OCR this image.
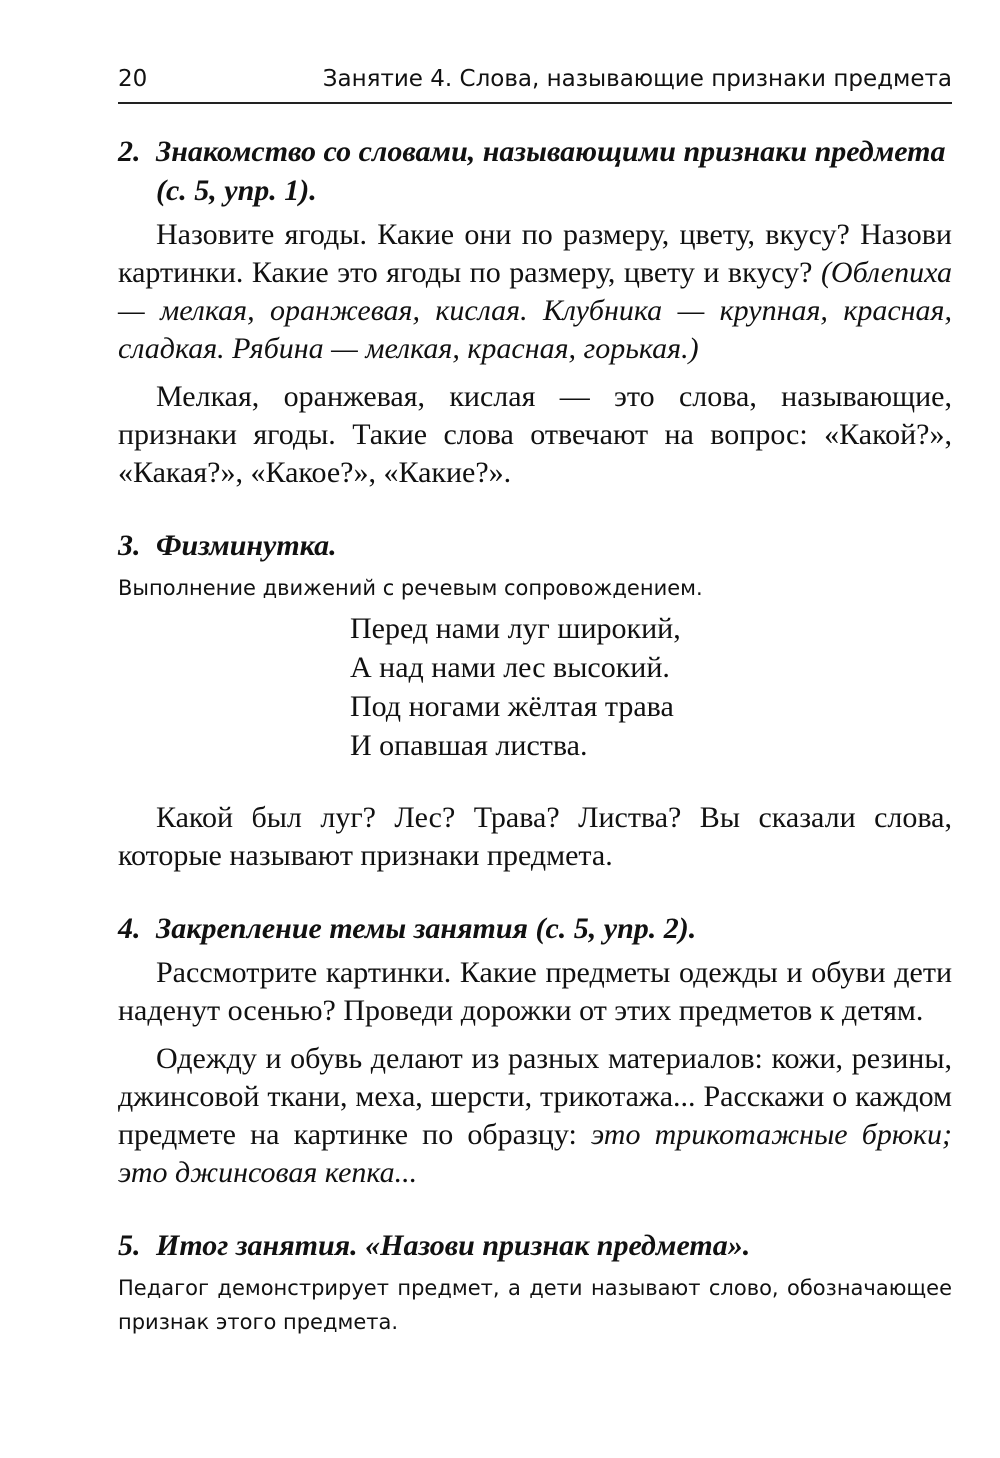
20	Занятие 4. Слова, называющие признаки предмета
2. Знакомство со словами, называющими признаки предмета (с. 5, упр. 1).

Назовите ягоды. Какие они по размеру, цвету, вкусу? Назови картинки. Какие это ягоды по размеру, цвету и вкусу? (Облепиха — мелкая, оранжевая, кислая. Клубника — крупная, красная, сладкая. Рябина — мелкая, красная, горькая.)

Мелкая, оранжевая, кислая — это слова, называющие, признаки ягоды. Такие слова отвечают на вопрос: «Какой?», «Какая?», «Какое?», «Какие?».

3. Физминутка.

Выполнение движений с речевым сопровождением.

Перед нами луг широкий,
А над нами лес высокий.
Под ногами жёлтая трава
И опавшая листва.

Какой был луг? Лес? Трава? Листва? Вы сказали слова, которые называют признаки предмета.

4. Закрепление темы занятия (с. 5, упр. 2).

Рассмотрите картинки. Какие предметы одежды и обуви дети наденут осенью? Проведи дорожки от этих предметов к детям.

Одежду и обувь делают из разных материалов: кожи, резины, джинсовой ткани, меха, шерсти, трикотажа... Расскажи о каждом предмете на картинке по образцу: это трикотажные брюки; это джинсовая кепка...

5. Итог занятия. «Назови признак предмета».

Педагог демонстрирует предмет, а дети называют слово, обозначающее признак этого предмета.
